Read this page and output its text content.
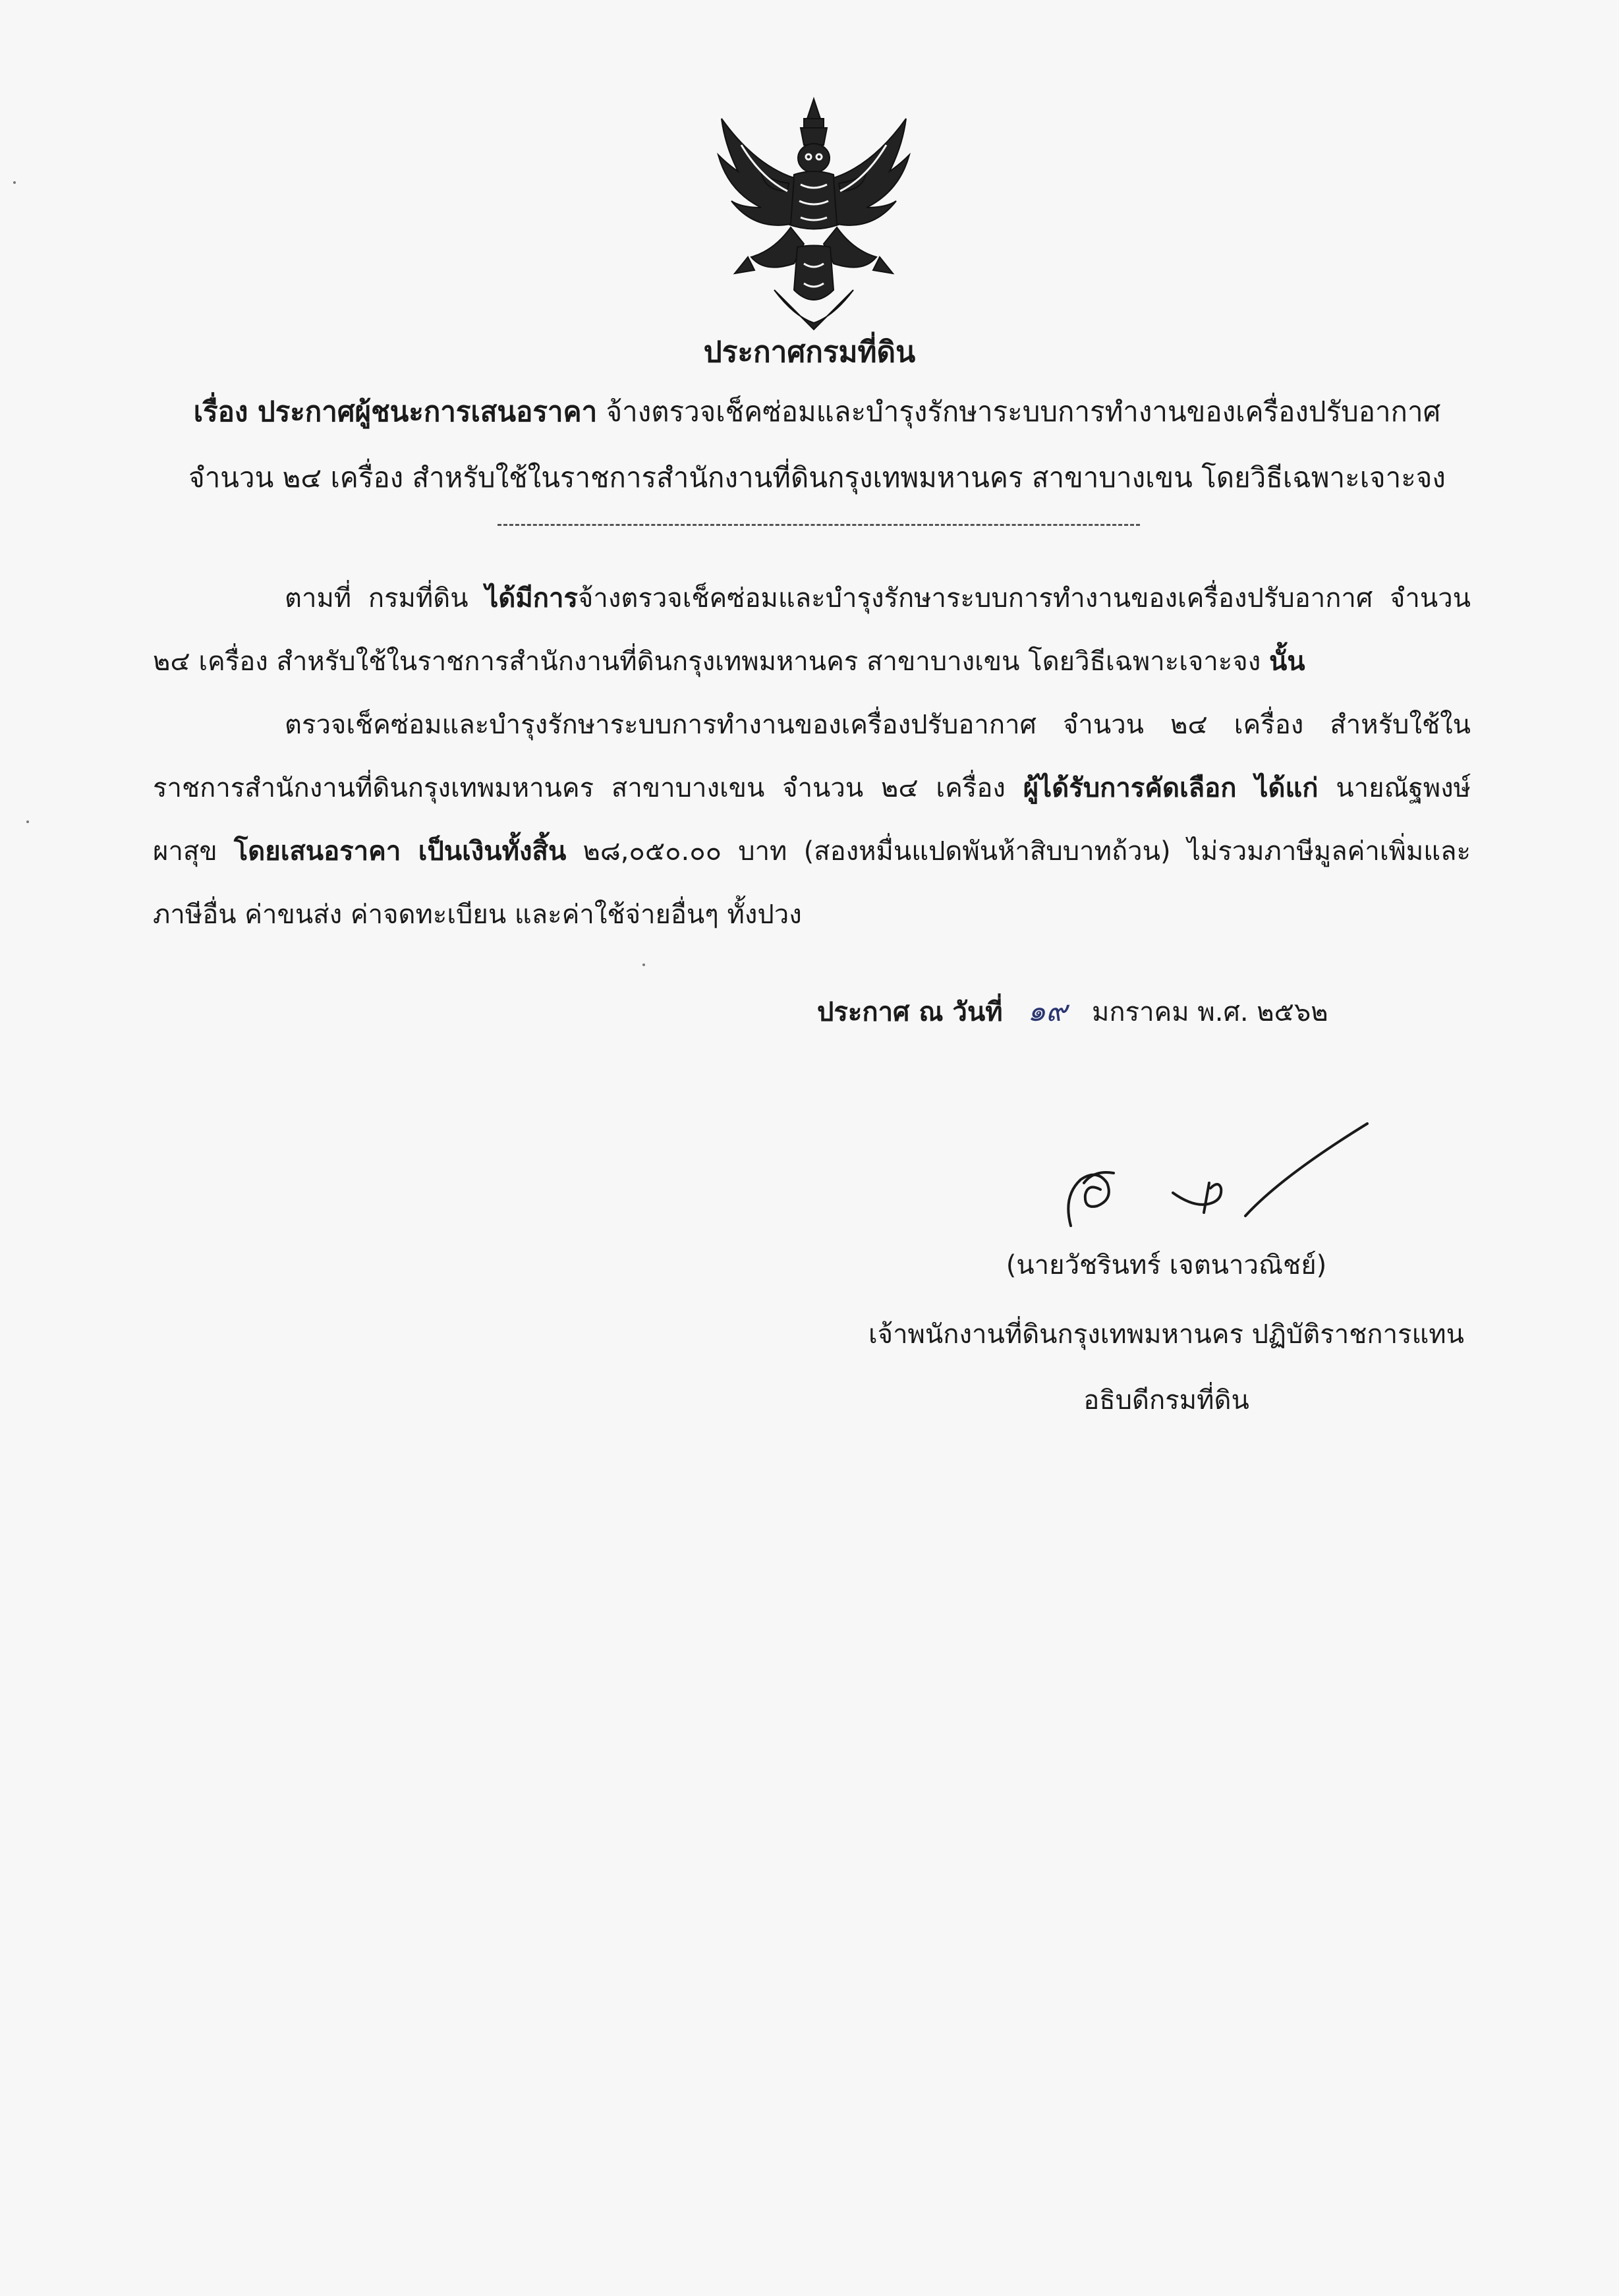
ประกาศกรมที่ดิน
เรื่อง ประกาศผู้ชนะการเสนอราคา จ้างตรวจเช็คซ่อมและบำรุงรักษาระบบการทำงานของเครื่องปรับอากาศ จำนวน ๒๔ เครื่อง สำหรับใช้ในราชการสำนักงานที่ดินกรุงเทพมหานคร สาขาบางเขน โดยวิธีเฉพาะเจาะจง

ตามที่ กรมที่ดิน ได้มีการจ้างตรวจเช็คซ่อมและบำรุงรักษาระบบการทำงานของเครื่องปรับอากาศ จำนวน ๒๔ เครื่อง สำหรับใช้ในราชการสำนักงานที่ดินกรุงเทพมหานคร สาขาบางเขน โดยวิธีเฉพาะเจาะจง นั้น

ตรวจเช็คซ่อมและบำรุงรักษาระบบการทำงานของเครื่องปรับอากาศ จำนวน ๒๔ เครื่อง สำหรับใช้ในราชการสำนักงานที่ดินกรุงเทพมหานคร สาขาบางเขน จำนวน ๒๔ เครื่อง ผู้ได้รับการคัดเลือก ได้แก่ นายณัฐพงษ์ ผาสุข โดยเสนอราคา เป็นเงินทั้งสิ้น ๒๘,๐๕๐.๐๐ บาท (สองหมื่นแปดพันห้าสิบบาทถ้วน) ไม่รวมภาษีมูลค่าเพิ่มและภาษีอื่น ค่าขนส่ง ค่าจดทะเบียน และค่าใช้จ่ายอื่นๆ ทั้งปวง

ประกาศ ณ วันที่ ๑๙ มกราคม พ.ศ. ๒๕๖๒
(นายวัชรินทร์ เจตนาวณิชย์)
เจ้าพนักงานที่ดินกรุงเทพมหานคร ปฏิบัติราชการแทน
อธิบดีกรมที่ดิน
